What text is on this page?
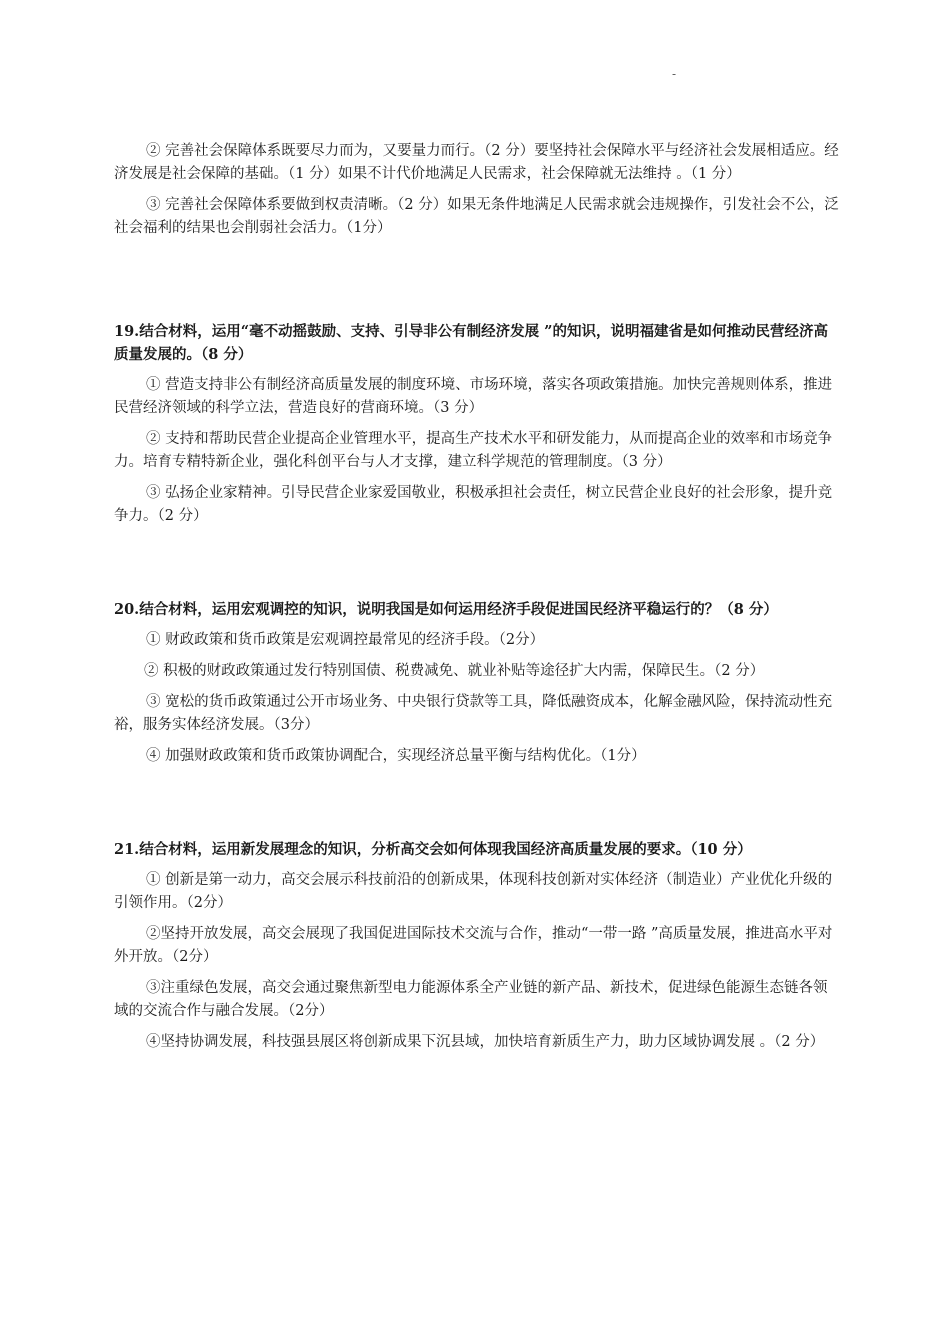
-

② 完善社会保障体系既要尽力而为，又要量力而行。（2 分）要坚持社会保障水平与经济社会发展相适应。经济发展是社会保障的基础。（1 分）如果不计代价地满足人民需求，社会保障就无法维持 。（1 分）

③ 完善社会保障体系要做到权责清晰。（2 分）如果无条件地满足人民需求就会违规操作，引发社会不公，泛社会福利的结果也会削弱社会活力。（1分）

19.结合材料，运用“毫不动摇鼓励、支持、引导非公有制经济发展 ”的知识，说明福建省是如何推动民营经济高质量发展的。（8 分）

① 营造支持非公有制经济高质量发展的制度环境、市场环境，落实各项政策措施。加快完善规则体系，推进民营经济领域的科学立法，营造良好的营商环境。（3 分）

② 支持和帮助民营企业提高企业管理水平，提高生产技术水平和研发能力，从而提高企业的效率和市场竞争力。培育专精特新企业，强化科创平台与人才支撑，建立科学规范的管理制度。（3 分）

③ 弘扬企业家精神。引导民营企业家爱国敬业，积极承担社会责任，树立民营企业良好的社会形象，提升竞争力。（2 分）

20.结合材料，运用宏观调控的知识，说明我国是如何运用经济手段促进国民经济平稳运行的？（8 分）

① 财政政策和货币政策是宏观调控最常见的经济手段。（2分）

② 积极的财政政策通过发行特别国债、税费减免、就业补贴等途径扩大内需，保障民生。（2 分）

③ 宽松的货币政策通过公开市场业务、中央银行贷款等工具，降低融资成本，化解金融风险，保持流动性充裕，服务实体经济发展。（3分）

④ 加强财政政策和货币政策协调配合，实现经济总量平衡与结构优化。（1分）

21.结合材料，运用新发展理念的知识，分析高交会如何体现我国经济高质量发展的要求。（10 分）

① 创新是第一动力，高交会展示科技前沿的创新成果，体现科技创新对实体经济（制造业）产业优化升级的引领作用。（2分）

②坚持开放发展，高交会展现了我国促进国际技术交流与合作，推动“一带一路 ”高质量发展，推进高水平对外开放。（2分）

③注重绿色发展，高交会通过聚焦新型电力能源体系全产业链的新产品、新技术，促进绿色能源生态链各领域的交流合作与融合发展。（2分）

④坚持协调发展，科技强县展区将创新成果下沉县域，加快培育新质生产力，助力区域协调发展 。（2 分）
